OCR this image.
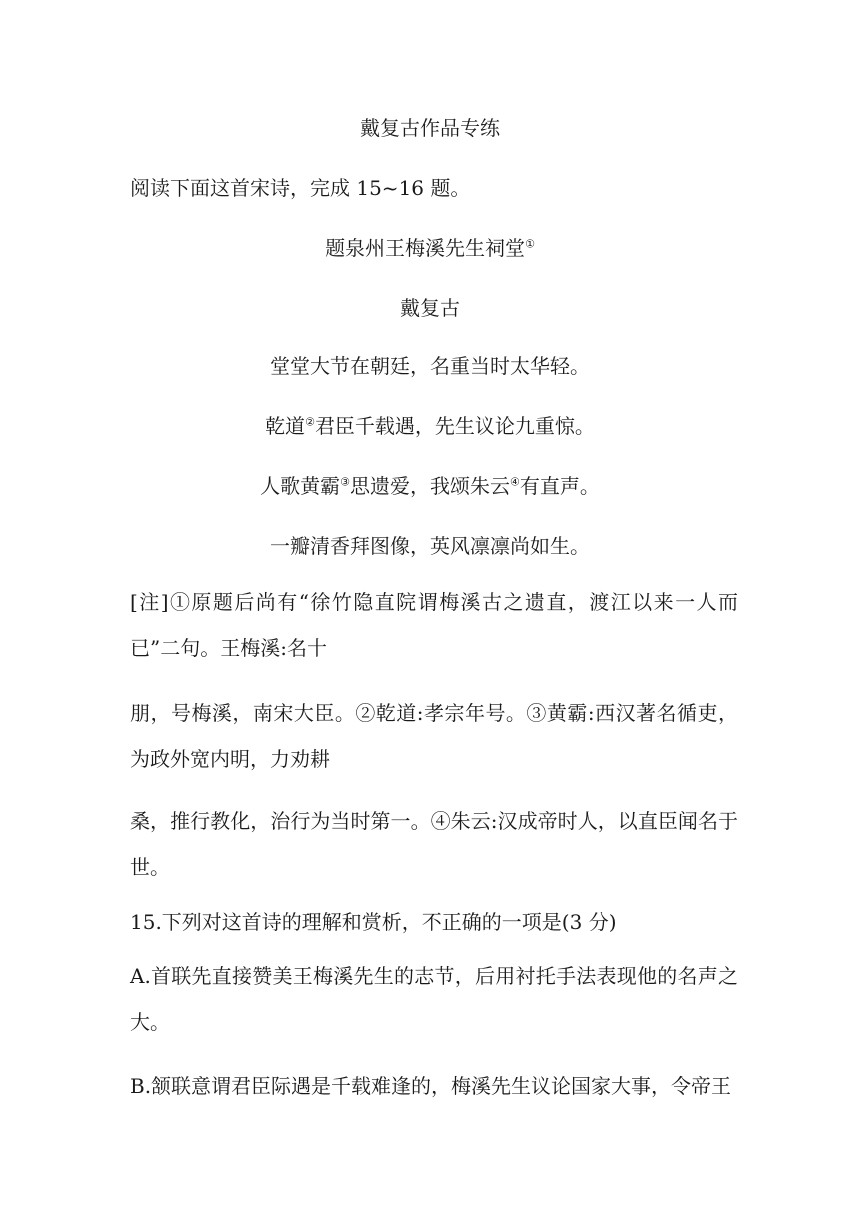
戴复古作品专练
阅读下面这首宋诗，完成 15~16 题。
题泉州王梅溪先生祠堂①
戴复古
堂堂大节在朝廷，名重当时太华轻。
乾道②君臣千载遇，先生议论九重惊。
人歌黄霸③思遗爱，我颂朱云④有直声。
一瓣清香拜图像，英风凛凛尚如生。
[注]①原题后尚有“徐竹隐直院谓梅溪古之遗直，渡江以来一人而已”二句。王梅溪:名十
朋，号梅溪，南宋大臣。②乾道:孝宗年号。③黄霸:西汉著名循吏，为政外宽内明，力劝耕
桑，推行教化，治行为当时第一。④朱云:汉成帝时人，以直臣闻名于世。
15.下列对这首诗的理解和赏析，不正确的一项是(3 分)
A.首联先直接赞美王梅溪先生的志节，后用衬托手法表现他的名声之大。
B.颔联意谓君臣际遇是千载难逢的，梅溪先生议论国家大事，令帝王
